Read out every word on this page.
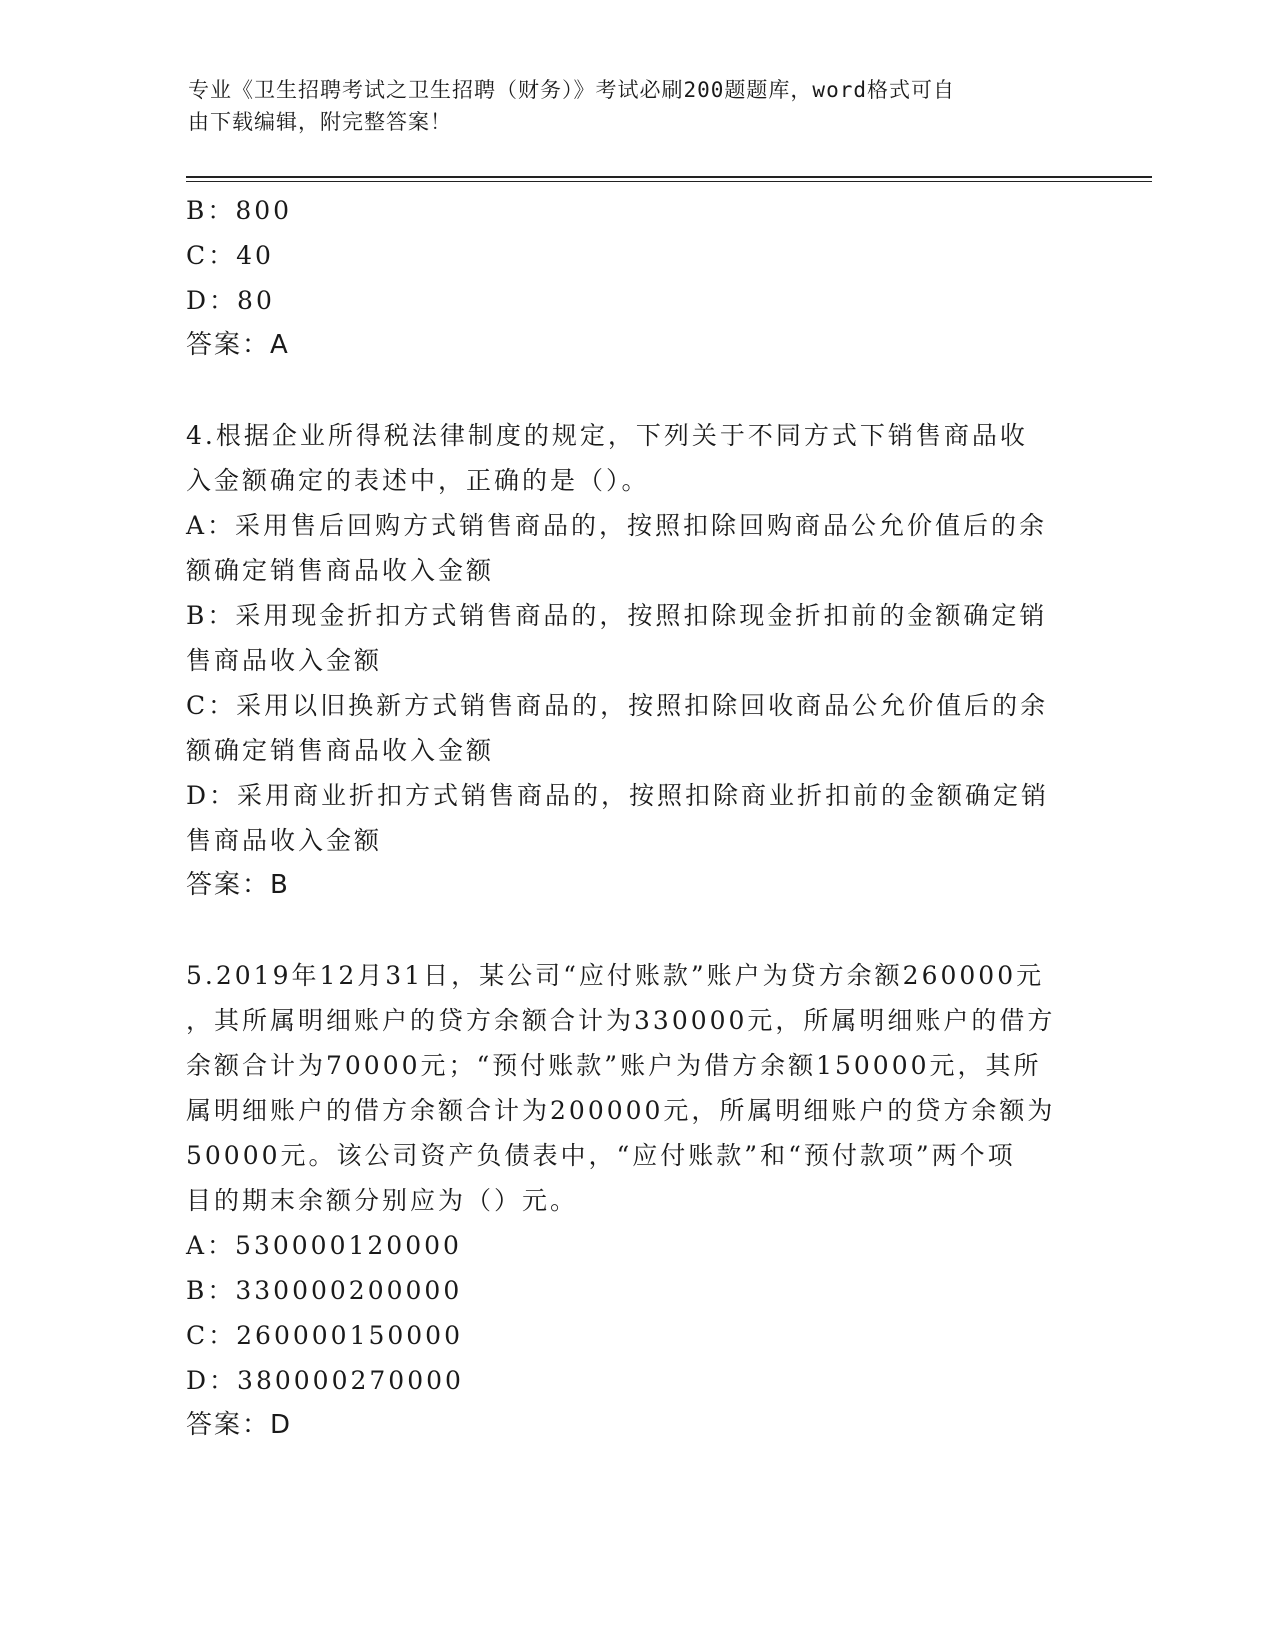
专业《卫生招聘考试之卫生招聘（财务）》考试必刷200题题库，word格式可自
由下载编辑，附完整答案！
B：800
C：40
D：80
答案：A
4.根据企业所得税法律制度的规定，下列关于不同方式下销售商品收
入金额确定的表述中，正确的是（）。
A：采用售后回购方式销售商品的，按照扣除回购商品公允价值后的余
额确定销售商品收入金额
B：采用现金折扣方式销售商品的，按照扣除现金折扣前的金额确定销
售商品收入金额
C：采用以旧换新方式销售商品的，按照扣除回收商品公允价值后的余
额确定销售商品收入金额
D：采用商业折扣方式销售商品的，按照扣除商业折扣前的金额确定销
售商品收入金额
答案：B
5.2019年12月31日，某公司“应付账款”账户为贷方余额260000元
，其所属明细账户的贷方余额合计为330000元，所属明细账户的借方
余额合计为70000元；“预付账款”账户为借方余额150000元，其所
属明细账户的借方余额合计为200000元，所属明细账户的贷方余额为
50000元。该公司资产负债表中，“应付账款”和“预付款项”两个项
目的期末余额分别应为（）元。
A：530000120000
B：330000200000
C：260000150000
D：380000270000
答案：D
